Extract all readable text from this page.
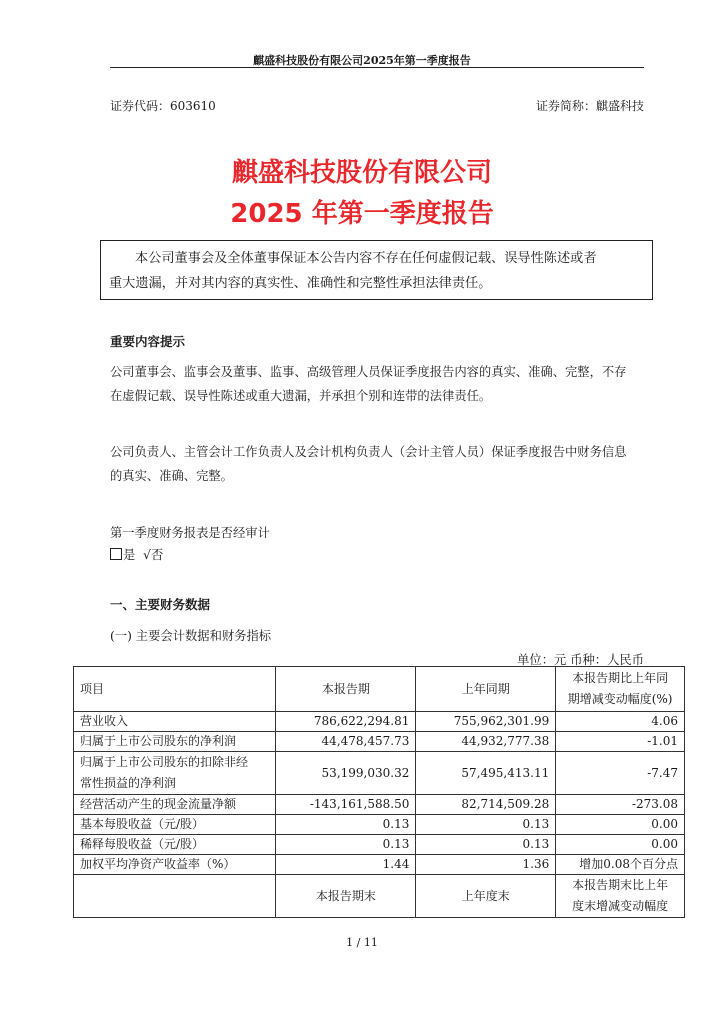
麒盛科技股份有限公司2025年第一季度报告
证券代码：603610	证券简称：麒盛科技
麒盛科技股份有限公司
2025 年第一季度报告
本公司董事会及全体董事保证本公告内容不存在任何虚假记载、误导性陈述或者
重大遗漏，并对其内容的真实性、准确性和完整性承担法律责任。
重要内容提示
公司董事会、监事会及董事、监事、高级管理人员保证季度报告内容的真实、准确、完整，不存
在虚假记载、误导性陈述或重大遗漏，并承担个别和连带的法律责任。
公司负责人、主管会计工作负责人及会计机构负责人（会计主管人员）保证季度报告中财务信息
的真实、准确、完整。
第一季度财务报表是否经审计
是 √否
一、主要财务数据
(一) 主要会计数据和财务指标
单位：元 币种：人民币
项目	本报告期	上年同期	本报告期比上年同
期增减变动幅度(%)

营业收入	786,622,294.81	755,962,301.99	4.06
归属于上市公司股东的净利润	44,478,457.73	44,932,777.38	-1.01

归属于上市公司股东的扣除非经
常性损益的净利润	53,199,030.32	57,495,413.11	-7.47
经营活动产生的现金流量净额	-143,161,588.50	82,714,509.28	-273.08
基本每股收益（元/股）	0.13	0.13	0.00
稀释每股收益（元/股）	0.13	0.13	0.00
加权平均净资产收益率（%）	1.44	1.36	增加0.08个百分点
	本报告期末	上年度末	本报告期末比上年
度末增减变动幅度
1 / 11
